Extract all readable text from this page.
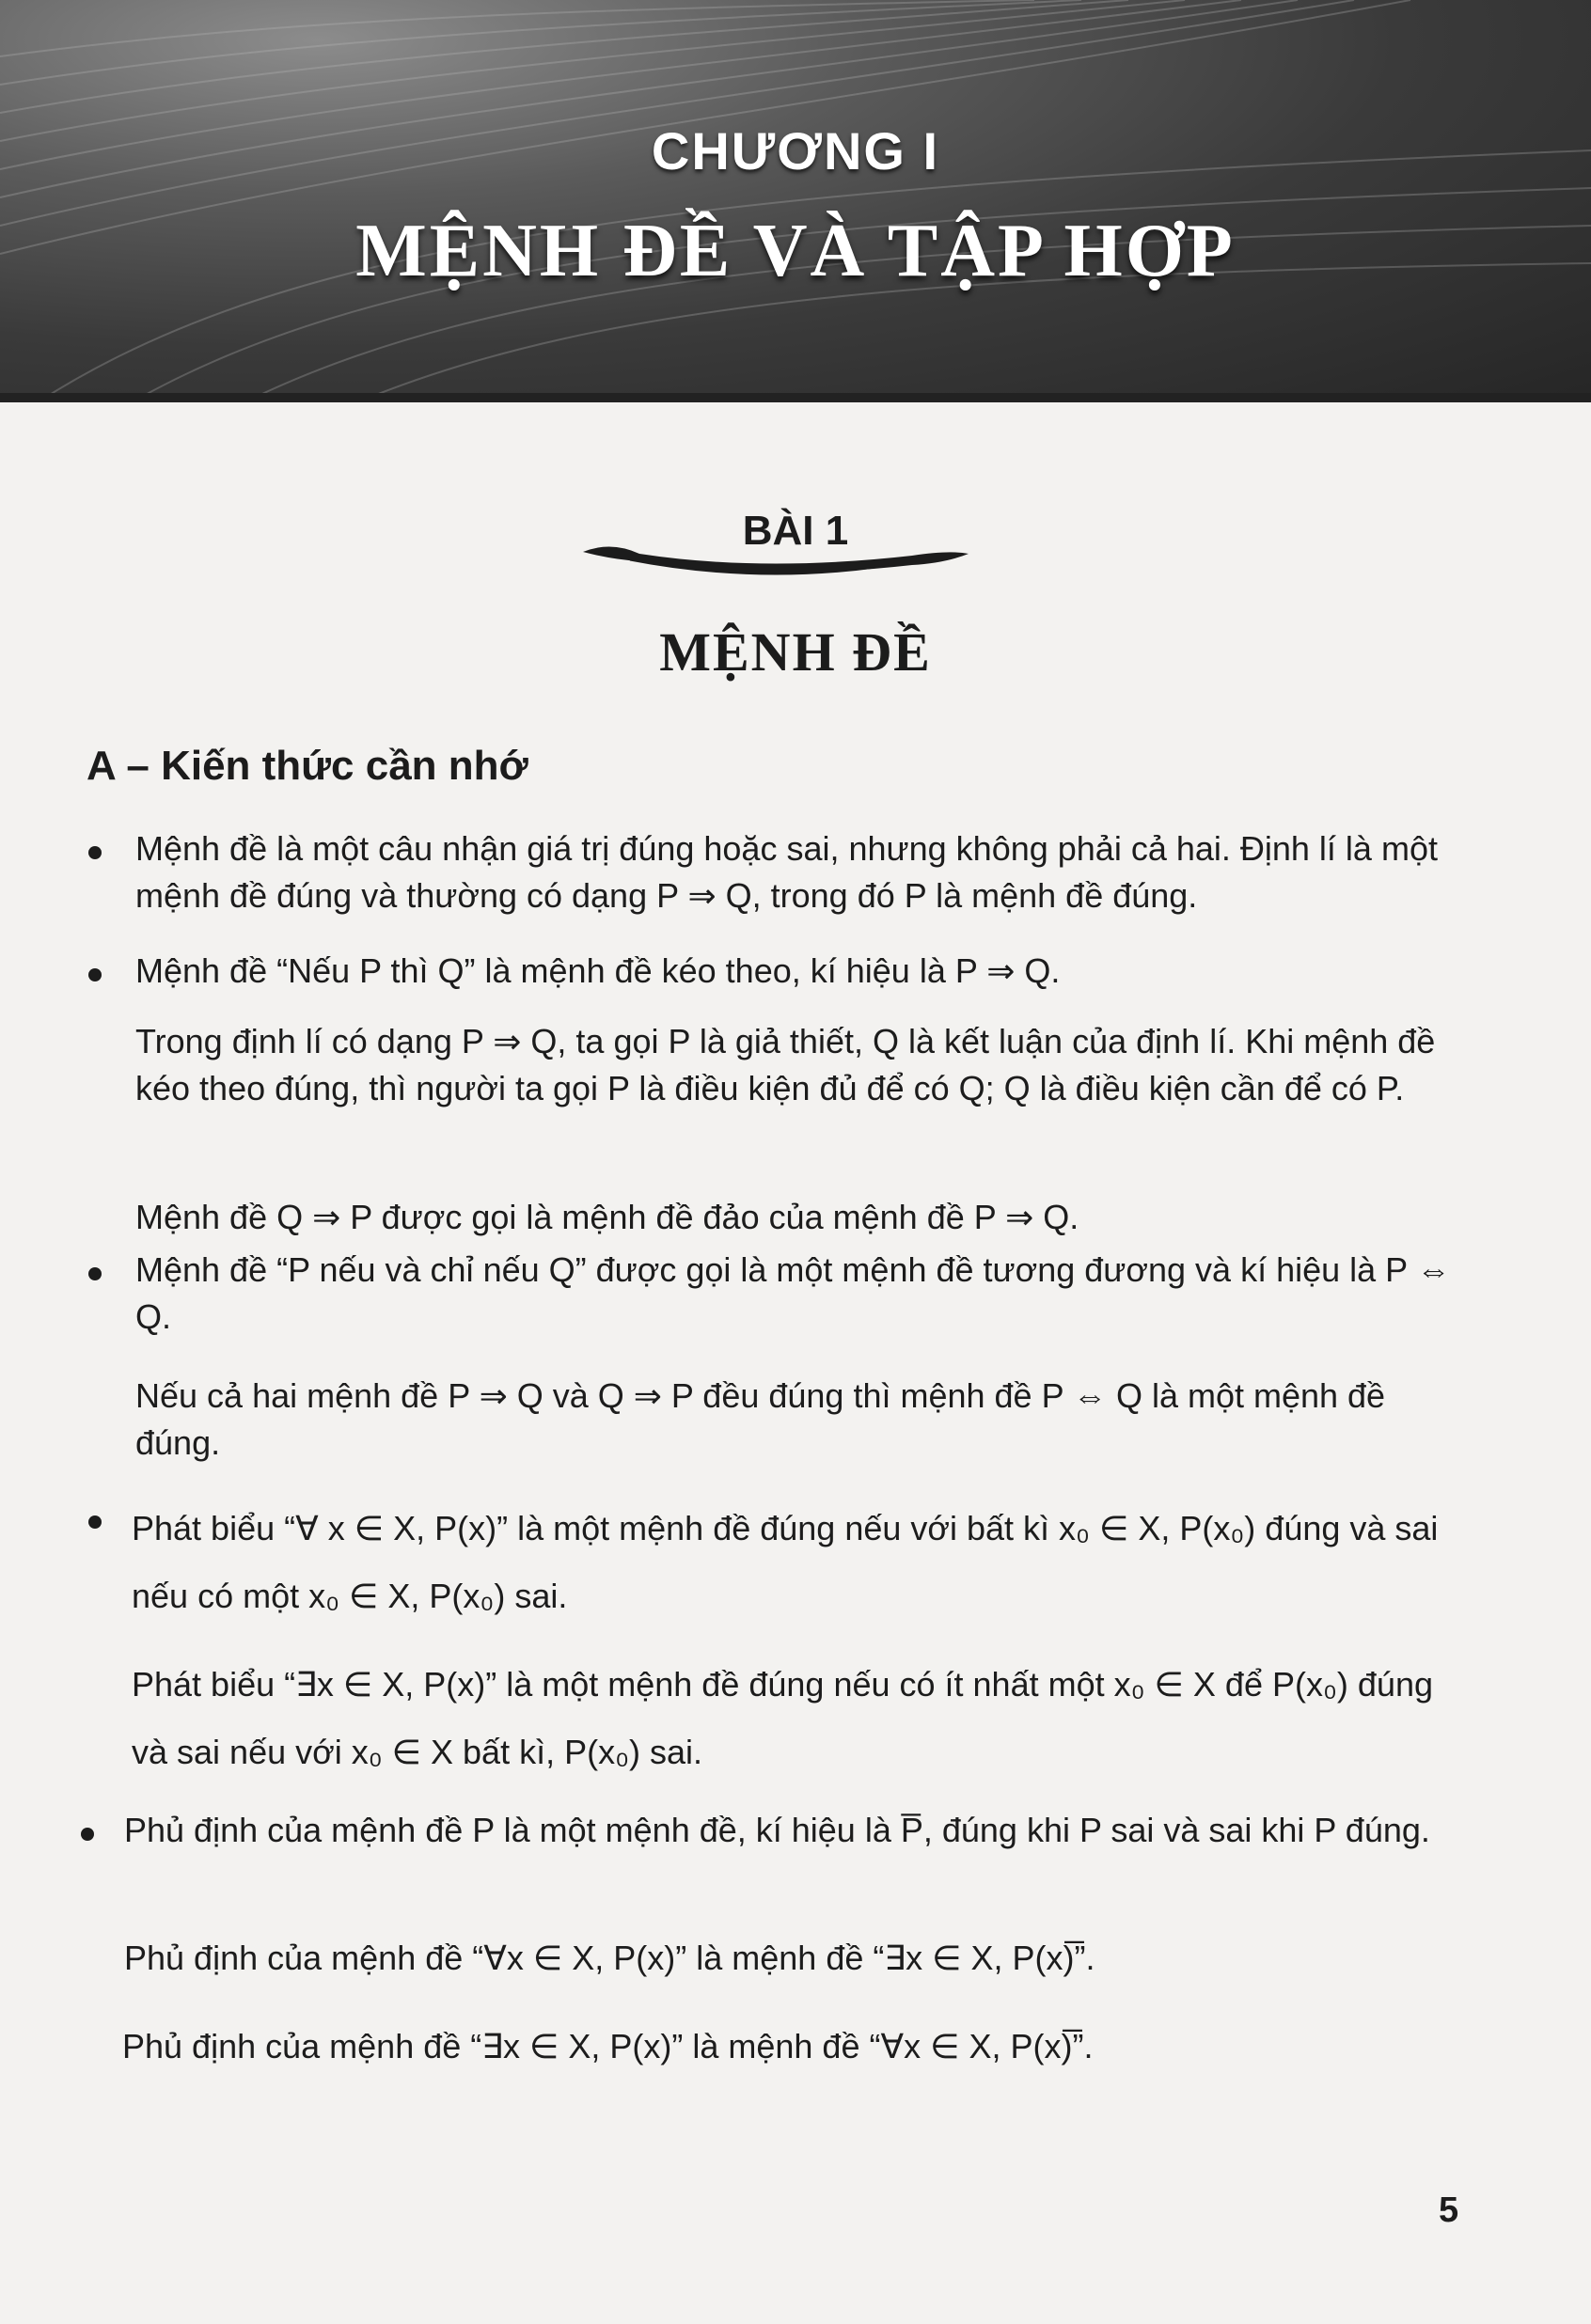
CHƯƠNG I
MỆNH ĐỀ VÀ TẬP HỢP
BÀI 1
MỆNH ĐỀ
A – Kiến thức cần nhớ

Mệnh đề là một câu nhận giá trị đúng hoặc sai, nhưng không phải cả hai. Định lí là một mệnh đề đúng và thường có dạng P ⇒ Q, trong đó P là mệnh đề đúng.

Mệnh đề “Nếu P thì Q” là mệnh đề kéo theo, kí hiệu là P ⇒ Q.

Trong định lí có dạng P ⇒ Q, ta gọi P là giả thiết, Q là kết luận của định lí. Khi mệnh đề kéo theo đúng, thì người ta gọi P là điều kiện đủ để có Q; Q là điều kiện cần để có P.

Mệnh đề Q ⇒ P được gọi là mệnh đề đảo của mệnh đề P ⇒ Q.

Mệnh đề “P nếu và chỉ nếu Q” được gọi là một mệnh đề tương đương và kí hiệu là P ⇔ Q.

Nếu cả hai mệnh đề P ⇒ Q và Q ⇒ P đều đúng thì mệnh đề P ⇔ Q là một mệnh đề đúng.

Phát biểu “∀ x ∈ X, P(x)” là một mệnh đề đúng nếu với bất kì x₀ ∈ X, P(x₀) đúng và sai nếu có một x₀ ∈ X, P(x₀) sai.

Phát biểu “∃x ∈ X, P(x)” là một mệnh đề đúng nếu có ít nhất một x₀ ∈ X để P(x₀) đúng và sai nếu với x₀ ∈ X bất kì, P(x₀) sai.

Phủ định của mệnh đề P là một mệnh đề, kí hiệu là P̅, đúng khi P sai và sai khi P đúng.

Phủ định của mệnh đề “∀x ∈ X, P(x)” là mệnh đề “∃x ∈ X, P(x)̅”.

Phủ định của mệnh đề “∃x ∈ X, P(x)” là mệnh đề “∀x ∈ X, P(x)̅”.

5
